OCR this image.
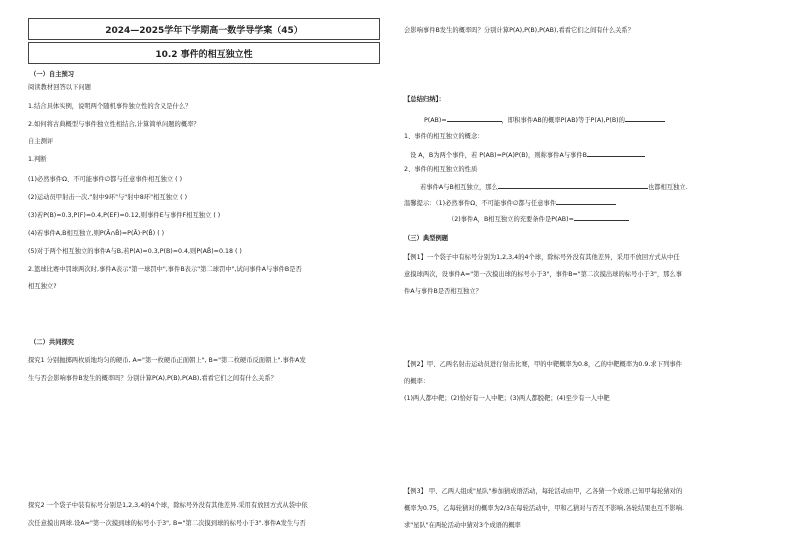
2024—2025学年下学期高一数学导学案（45）
10.2 事件的相互独立性
（一）自主预习
阅读教材回答以下问题
1.结合具体实例，说明两个随机事件独立性的含义是什么？
2.如何将古典概型与事件独立性相结合,计算简单问题的概率？
自主测评
1.判断
(1)必然事件Ω、不可能事件∅都与任意事件相互独立 ( )
(2)运动员甲射击一次,"射中9环"与"射中8环"相互独立 ( )
(3)若P(B)=0.3,P(F)=0.4,P(EF)=0.12,则事件E与事件F相互独立 ( )
(4)若事件A,B相互独立,则P(Ā∩B̄)=P(Ā)·P(B̄) ( )
(5)对于两个相互独立的事件A与B,若P(A)=0.3,P(B)=0.4,则P(AB̄)=0.18 ( )
2.篮球比赛中罚球两次时,事件A表示"第一球罚中",事件B表示"第二球罚中",试问事件A与事件B是否
相互独立?
（二）共同探究
探究1 分别抛掷两枚质地均匀的硬币, A="第一枚硬币正面朝上", B="第二枚硬币反面朝上".事件A发
生与否会影响事件B发生的概率吗？分别计算P(A),P(B),P(AB),看看它们之间有什么关系？
探究2 一个袋子中装有标号分别是1,2,3,4的4个球，除标号外没有其他差异.采用有放回方式从袋中依
次任意摸出两球.设A="第一次摸到球的标号小于3", B="第二次摸到球的标号小于3".事件A发生与否
会影响事件B发生的概率吗？分别计算P(A),P(B),P(AB),看看它们之间有什么关系？
【总结归纳】：
P(AB)=	，即积事件AB的概率P(AB)等于P(A),P(B)的
1、事件的相互独立的概念：
设 A，B为两个事件，若 P(AB)=P(A)P(B)，则称事件A与事件B
2、事件的相互独立的性质
若事件A与B相互独立，那么	也都相互独立.
温馨提示：（1)必然事件Ω，不可能事件∅都与任意事件
（2)事件A，B相互独立的充要条件是P(AB)=
（三）典型例题
【例1】一个袋子中有标号分别为1,2,3,4的4个球，除标号外没有其他差异，采用不放回方式从中任
意摸球两次，设事件A="第一次摸出球的标号小于3"，事件B="第二次摸出球的标号小于3"，那么事
件A与事件B是否相互独立？
【例2】甲、乙两名射击运动员进行射击比赛，甲的中靶概率为0.8，乙的中靶概率为0.9.求下列事件
的概率：
(1)两人都中靶；(2)恰好有一人中靶；(3)两人都脱靶；(4)至少有一人中靶
【例3】 甲、乙两人组成"星队"参加猜成语活动，每轮活动由甲，乙各猜一个成语,已知甲每轮猜对的
概率为0.75，乙每轮猜对的概率为2/3在每轮活动中，甲和乙猜对与否互不影响,各轮结果也互不影响.
求"星队"在两轮活动中猜对3个成语的概率
